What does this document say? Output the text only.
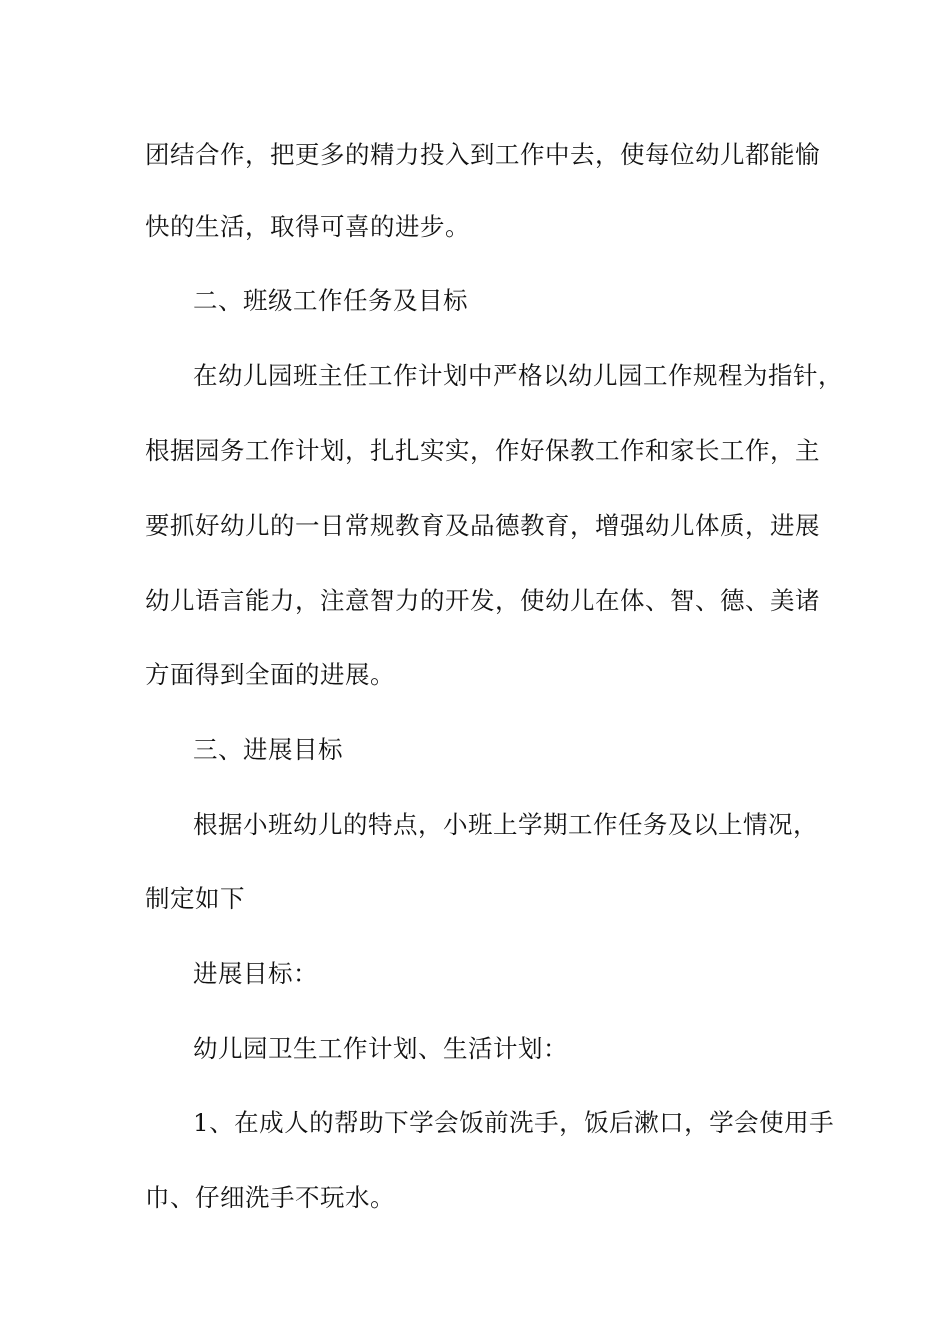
团结合作，把更多的精力投入到工作中去，使每位幼儿都能愉
快的生活，取得可喜的进步。
二、班级工作任务及目标
在幼儿园班主任工作计划中严格以幼儿园工作规程为指针，
根据园务工作计划，扎扎实实，作好保教工作和家长工作，主
要抓好幼儿的一日常规教育及品德教育，增强幼儿体质，进展
幼儿语言能力，注意智力的开发，使幼儿在体、智、德、美诸
方面得到全面的进展。
三、进展目标
根据小班幼儿的特点，小班上学期工作任务及以上情况，
制定如下
进展目标：
幼儿园卫生工作计划、生活计划：
1、在成人的帮助下学会饭前洗手，饭后漱口，学会使用手
巾、仔细洗手不玩水。
